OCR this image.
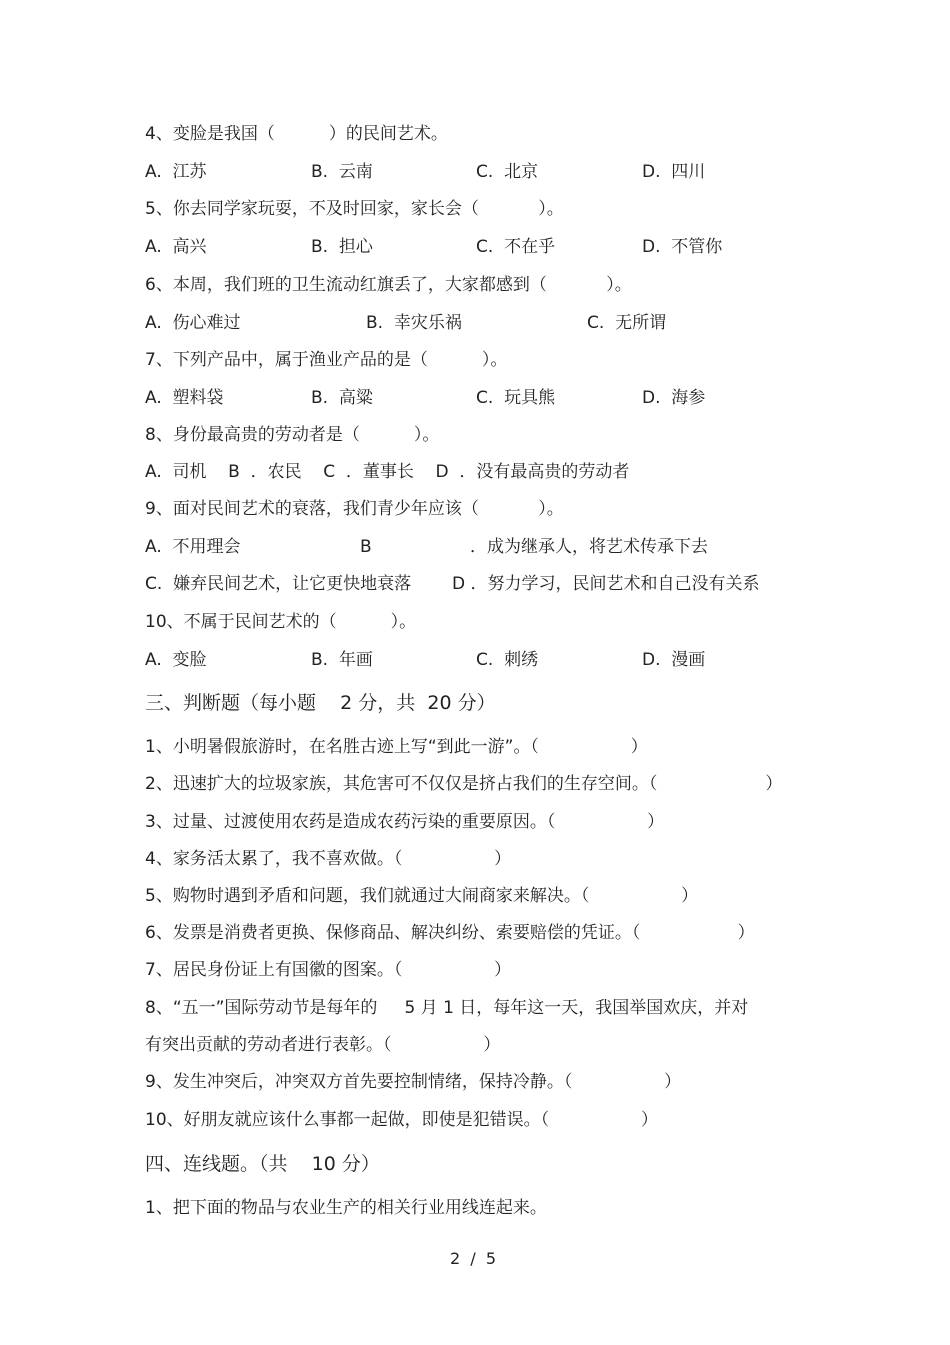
4、变脸是我国（          ）的民间艺术。
A.  江苏	B.  云南	C.  北京	D.  四川
5、你去同学家玩耍，不及时回家，家长会（           ）。
A.  高兴	B.  担心	C.  不在乎	D.  不管你
6、本周，我们班的卫生流动红旗丢了，大家都感到（           ）。
A.  伤心难过	B.  幸灾乐祸	C.  无所谓
7、下列产品中，属于渔业产品的是（          ）。
A.  塑料袋	B.  高粱	C.  玩具熊	D.  海参
8、身份最高贵的劳动者是（          ）。
A.  司机    B  ．农民    C  ．董事长    D  ．没有最高贵的劳动者
9、面对民间艺术的衰落，我们青少年应该（           ）。
A.  不用理会	B	．成为继承人，将艺术传承下去
C.  嫌弃民间艺术，让它更快地衰落 D ．努力学习，民间艺术和自己没有关系
10、不属于民间艺术的（          ）。
A.  变脸	B.  年画	C.  刺绣	D.  漫画
三、判断题（每小题    2 分，共  20 分）
1、小明暑假旅游时，在名胜古迹上写“到此一游”。（                 ）
2、迅速扩大的垃圾家族，其危害可不仅仅是挤占我们的生存空间。（                    ）
3、过量、过渡使用农药是造成农药污染的重要原因。（                 ）
4、家务活太累了，我不喜欢做。（                 ）
5、购物时遇到矛盾和问题，我们就通过大闹商家来解决。（                 ）
6、发票是消费者更换、保修商品、解决纠纷、索要赔偿的凭证。（                  ）
7、居民身份证上有国徽的图案。（                 ）
8、“五一”国际劳动节是每年的     5 月 1 日，每年这一天，我国举国欢庆，并对
有突出贡献的劳动者进行表彰。（                 ）
9、发生冲突后，冲突双方首先要控制情绪，保持冷静。（                 ）
10、好朋友就应该什么事都一起做，即使是犯错误。（                 ）
四、连线题。（共    10 分）
1、把下面的物品与农业生产的相关行业用线连起来。
2  /  5
